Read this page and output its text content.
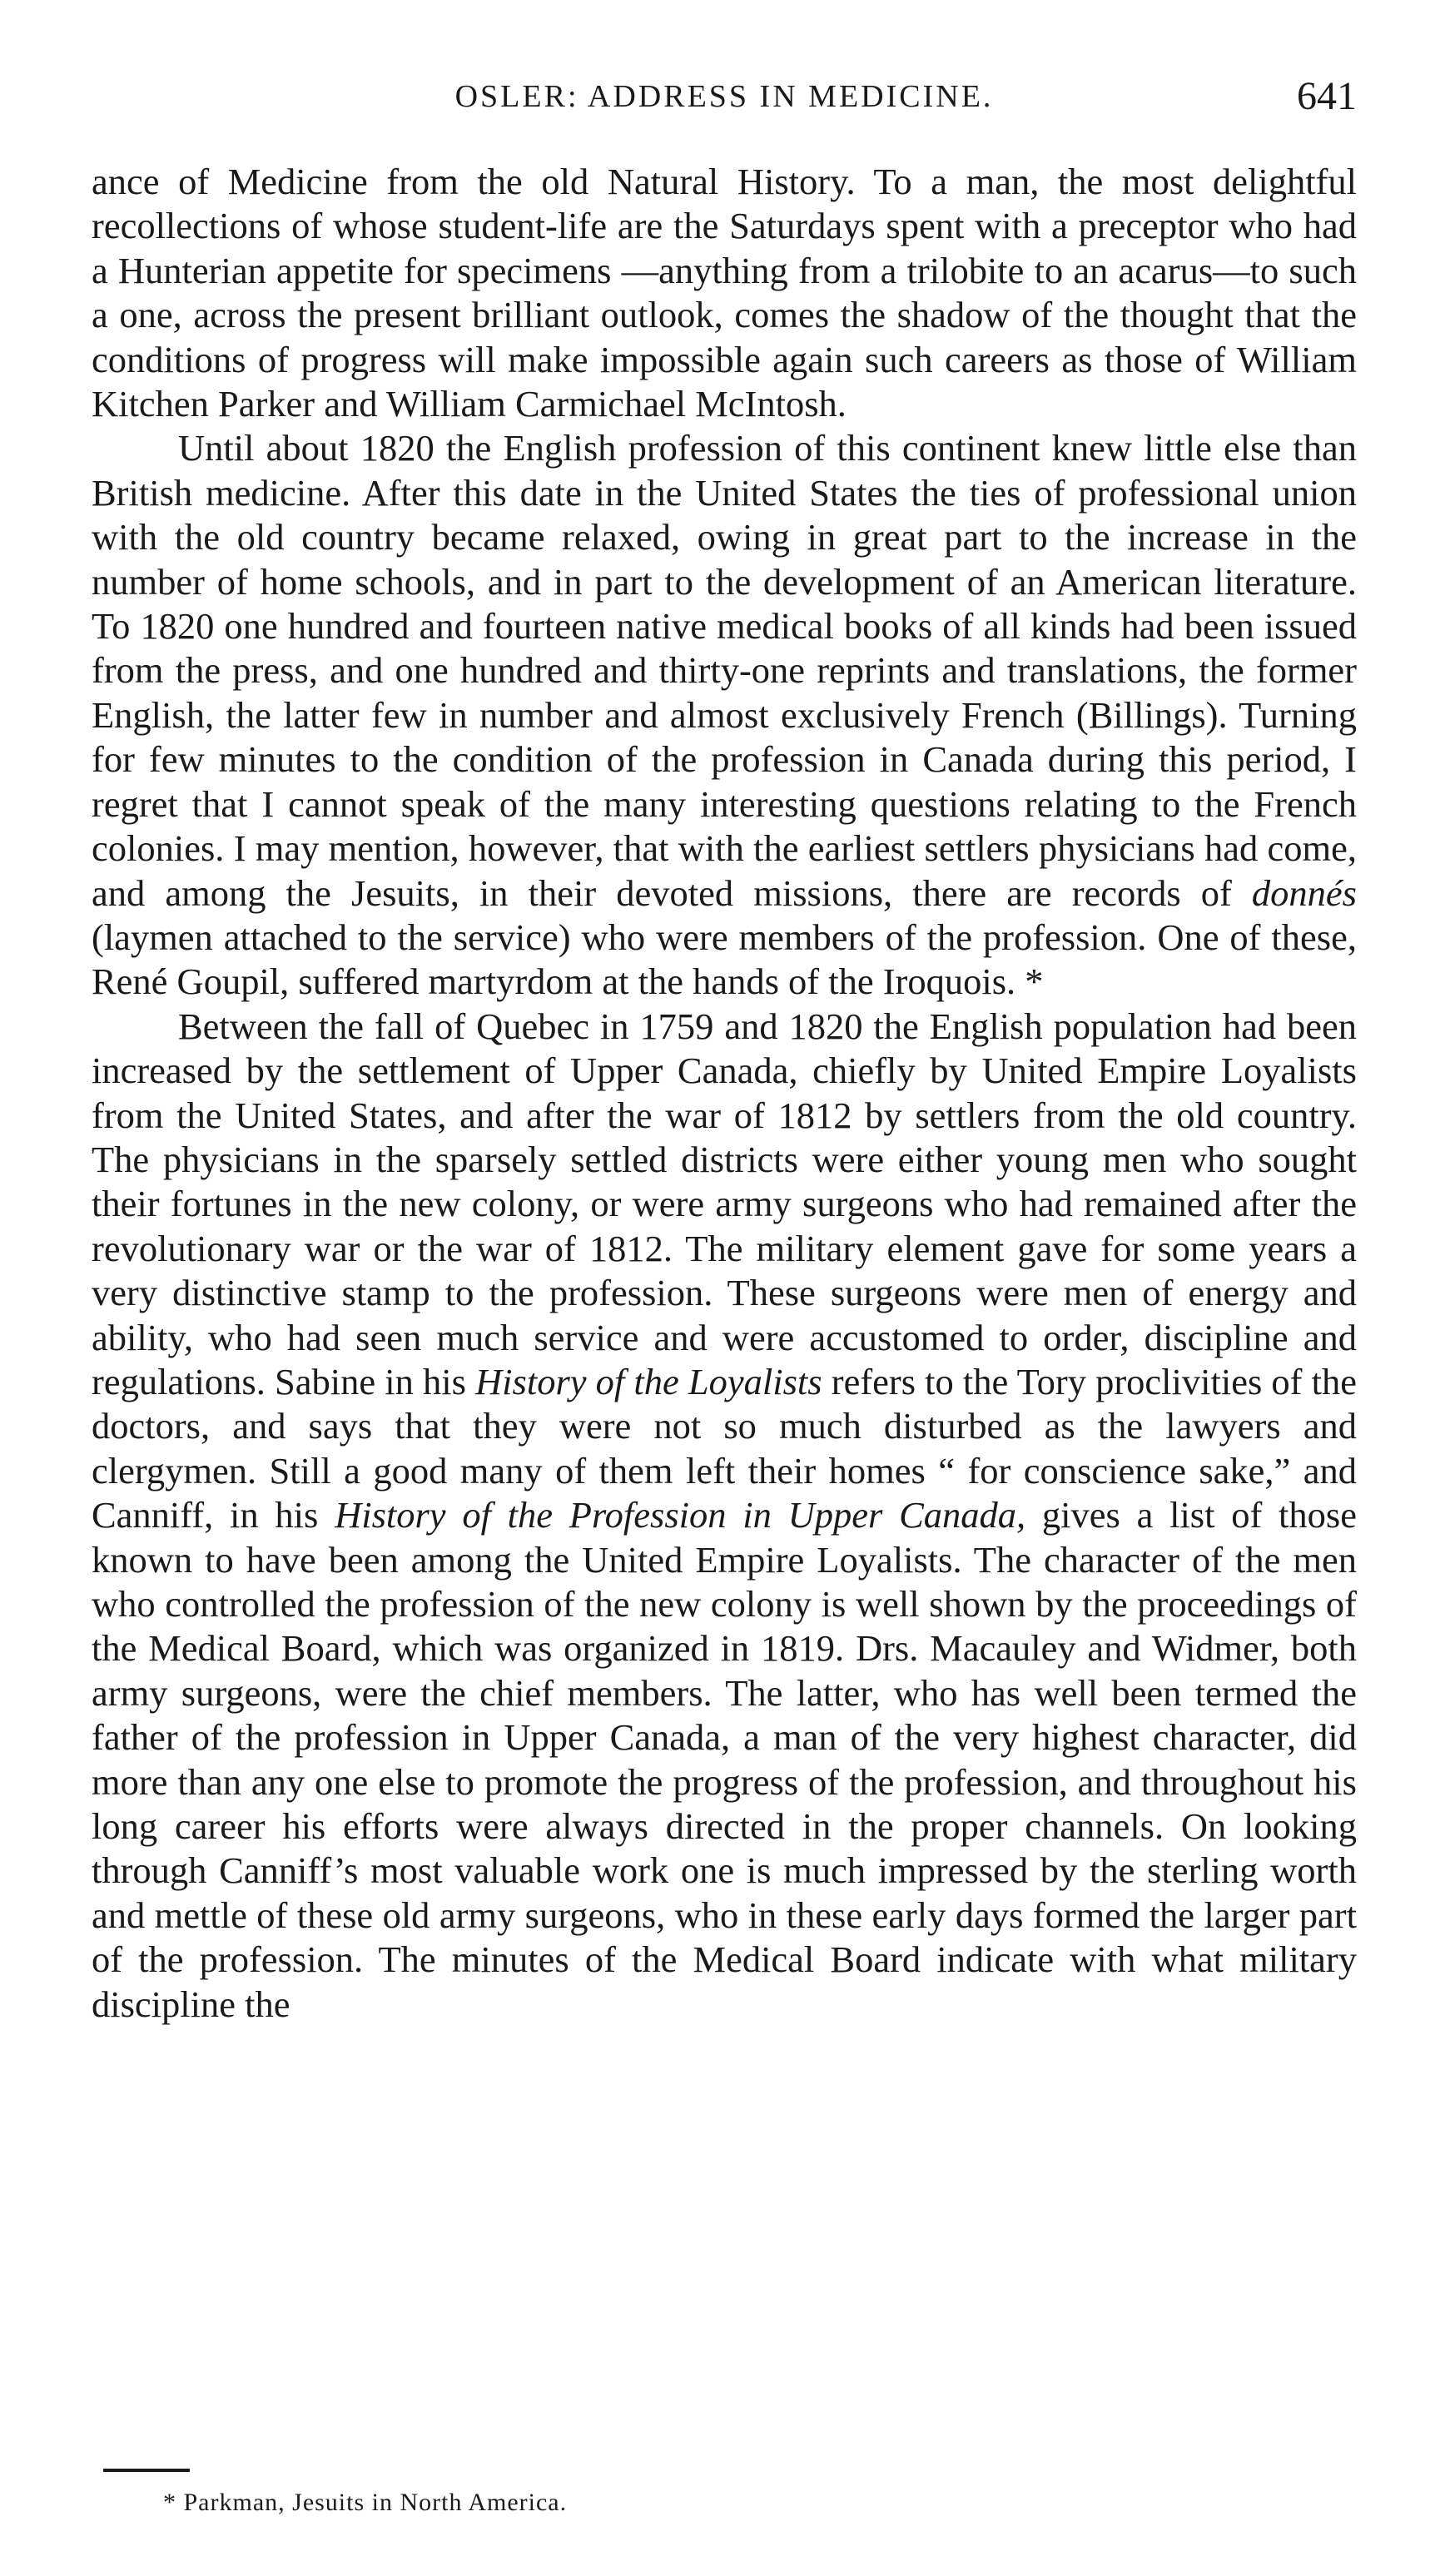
OSLER: ADDRESS IN MEDICINE.	641

ance of Medicine from the old Natural History. To a man, the most delightful recollections of whose student-life are the Saturdays spent with a preceptor who had a Hunterian appetite for specimens —anything from a trilobite to an acarus—to such a one, across the present brilliant outlook, comes the shadow of the thought that the conditions of progress will make impossible again such careers as those of William Kitchen Parker and William Carmichael McIntosh.

Until about 1820 the English profession of this continent knew little else than British medicine. After this date in the United States the ties of professional union with the old country became relaxed, owing in great part to the increase in the number of home schools, and in part to the development of an American literature. To 1820 one hundred and fourteen native medical books of all kinds had been issued from the press, and one hundred and thirty-one reprints and translations, the former English, the latter few in number and almost exclusively French (Billings). Turning for few minutes to the condition of the profession in Canada during this period, I regret that I cannot speak of the many interesting questions relating to the French colonies. I may mention, however, that with the earliest settlers physicians had come, and among the Jesuits, in their devoted missions, there are records of donnés (laymen attached to the service) who were members of the profession. One of these, René Goupil, suffered martyrdom at the hands of the Iroquois. *

Between the fall of Quebec in 1759 and 1820 the English population had been increased by the settlement of Upper Canada, chiefly by United Empire Loyalists from the United States, and after the war of 1812 by settlers from the old country. The physicians in the sparsely settled districts were either young men who sought their fortunes in the new colony, or were army surgeons who had remained after the revolutionary war or the war of 1812. The military element gave for some years a very distinctive stamp to the profession. These surgeons were men of energy and ability, who had seen much service and were accustomed to order, discipline and regulations. Sabine in his History of the Loyalists refers to the Tory proclivities of the doctors, and says that they were not so much disturbed as the lawyers and clergymen. Still a good many of them left their homes “ for conscience sake,” and Canniff, in his History of the Profession in Upper Canada, gives a list of those known to have been among the United Empire Loyalists. The character of the men who controlled the profession of the new colony is well shown by the proceedings of the Medical Board, which was organized in 1819. Drs. Macauley and Widmer, both army surgeons, were the chief members. The latter, who has well been termed the father of the profession in Upper Canada, a man of the very highest character, did more than any one else to promote the progress of the profession, and throughout his long career his efforts were always directed in the proper channels. On looking through Canniff’s most valuable work one is much impressed by the sterling worth and mettle of these old army surgeons, who in these early days formed the larger part of the profession. The minutes of the Medical Board indicate with what military discipline the

* Parkman, Jesuits in North America.
